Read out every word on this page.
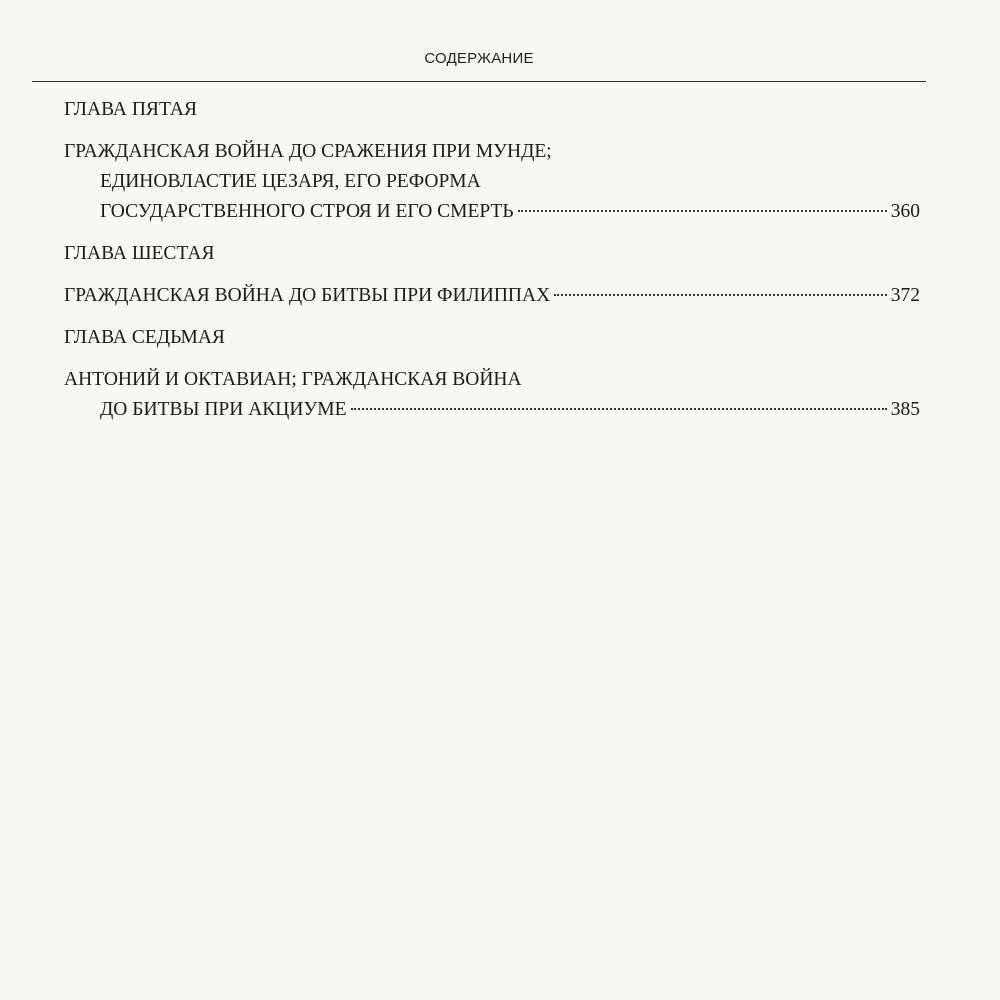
СОДЕРЖАНИЕ
ГЛАВА ПЯТАЯ
ГРАЖДАНСКАЯ ВОЙНА ДО СРАЖЕНИЯ ПРИ МУНДЕ;
ЕДИНОВЛАСТИЕ ЦЕЗАРЯ, ЕГО РЕФОРМА
ГОСУДАРСТВЕННОГО СТРОЯ И ЕГО СМЕРТЬ	360
ГЛАВА ШЕСТАЯ
ГРАЖДАНСКАЯ ВОЙНА ДО БИТВЫ ПРИ ФИЛИППАХ	372
ГЛАВА СЕДЬМАЯ
АНТОНИЙ И ОКТАВИАН; ГРАЖДАНСКАЯ ВОЙНА
ДО БИТВЫ ПРИ АКЦИУМЕ	385
